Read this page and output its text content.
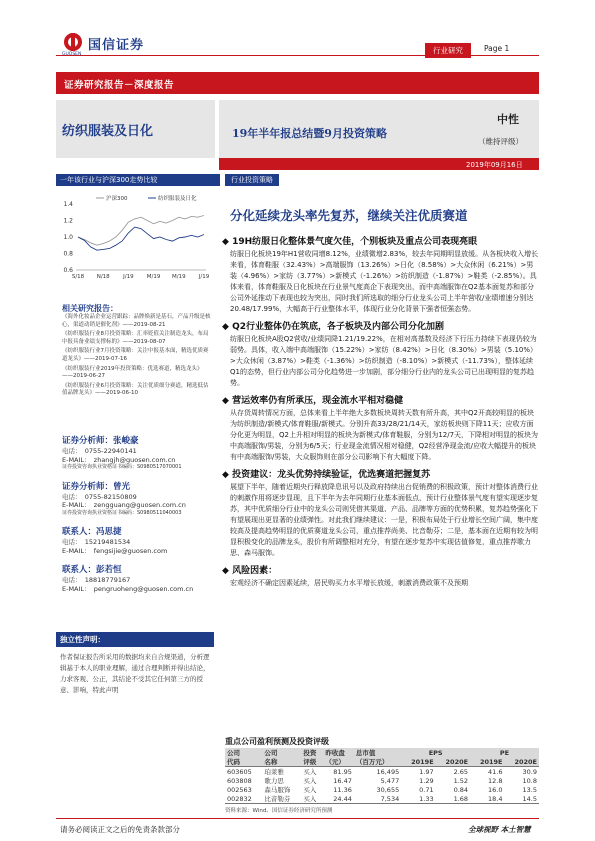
国信证券	行业研究	Page 1
证券研究报告－深度报告
纺织服装及日化	19年半年报总结暨9月投资策略
中性
（维持评级）
2019年09月16日
一年该行业与沪深300走势比较
1.4
1.2
1.0
0.8
0.6
S/18 N/18 J/19 M/19 M/19 J/19
沪深300	纺织服装及日化
相关研究报告：
《海外化妆品企业运营跟踪：品牌焕新是基石，产品升级是核心，渠道动销是催化剂》——2019-08-21
《纺织服装行业8月投资策略：汇率贬值关注制造龙头，布局中报具备业绩支撑标的》——2019-08-07
《纺织服装行业7月投资策略：关注中报基本面，精选优质赛道龙头》——2019-07-16
《纺织服装行业2019年投资策略：优选赛道，精选龙头》——2019-06-27
《纺织服装行业6月投资策略：关注优质细分赛道，精选低估值品牌龙头》——2019-06-10
证券分析师：张峻豪
电话：　0755-22940141
E-MAIL：　zhangjh@guosen.com.cn
证券投资咨询执业资格证书编码：S0980517070001
证券分析师：曾光
电话：　0755-82150809
E-MAIL：　zengguang@guosen.com.cn
证券投资咨询执业资格证书编码：S0980511040003
联系人：冯思捷
电话：　15219481534
E-MAIL：　fengsijie@guosen.com
联系人：彭若恒
电话：　18818779167
E-MAIL：　pengruoheng@guosen.com.cn
独立性声明：
作者保证报告所采用的数据均来自合规渠道，分析逻辑基于本人的职业理解，通过合理判断并得出结论，力求客观、公正，其结论不受其它任何第三方的授意、影响，特此声明
行业投资策略
分化延续龙头率先复苏，继续关注优质赛道
◆ 19H纺服日化整体景气度欠佳，个别板块及重点公司表现亮眼
纺服日化板块19年H1营收同增8.12%，业绩微增2.83%，较去年同期明显放缓。从各板块收入增长来看，体育鞋服（32.43%）>高端服饰（13.26%）>日化（8.58%）>大众休闲（6.21%）>男装（4.96%）>家纺（3.77%）>新模式（-1.26%）>纺织制造（-1.87%）>鞋类（-2.85%）。具体来看，体育鞋服及日化板块在行业景气度高企下表现突出，而中高端服饰在Q2基本面复苏和部分公司外延推动下表现也较为突出，同时我们所选取的细分行业龙头公司上半年营收/业绩增速分别达20.48/17.99%，大幅高于行业整体水平，体现行业分化背景下强者恒强态势。
◆ Q2行业整体仍在筑底，各子板块及内部公司分化加剧
纺服日化板块A股Q2营收/业绩同降1.21/19.22%，在相对高基数及经济下行压力持续下表现仍较为弱势。具体，收入端中高端服饰（15.22%）>家纺（8.42%）>日化（8.30%）>男装（5.10%）>大众休闲（3.87%）>鞋类（-1.36%）>纺织制造（-8.10%）>新模式（-11.73%），整体延续Q1的态势，但行业内部公司分化趋势进一步加剧，部分细分行业内的龙头公司已出现明显的复苏趋势。
◆ 营运效率仍有所承压，现金流水平相对稳健
从存货周转情况方面，总体来看上半年绝大多数板块周转天数有所升高，其中Q2开高较明显的板块为纺织制造/新模式/体育鞋服/新模式。分别升高33/28/21/14天，家纺板块则下降11天；应收方面分化更为明显，Q2上升相对明显的板块为新模式/体育鞋服，分别为12/7天，下降相对明显的板块为中高端服饰/男装，分别为6/5天；行业现金流情况相对稳健，Q2经营净现金流/应收大幅提升的板块有中高端服饰/男装，大众服饰则在部分公司影响下有大幅度下降。
◆ 投资建议：龙头优势持续验证，优选赛道把握复苏
展望下半年，随着近期央行释放降息讯号以及政府持续出台促销费的积极政策，预计对整体消费行业的刺激作用将逐步显现，且下半年为去年同期行业基本面低点，预计行业整体景气度有望实现逐步复苏，其中优质细分行业中的龙头公司则凭借其渠道、产品、品牌等方面的优势积累，复苏趋势强化下有望展现出更显著的业绩弹性。对此我们继续建议：一是，积极布局处于行业增长空间广阔，集中度较高及提高趋势明显的优质赛道龙头公司，重点推荐尚美、比音勒芬；二是，基本面在近期有较为明显积极变化的品牌龙头，股价有所调整相对充分，有望在逐步复苏中实现估值修复，重点推荐歌力思、森马服饰。
◆ 风险因素：
宏观经济不确定因素延续，居民购买力水平增长放缓，刺激消费政策不及预期
重点公司盈利预测及投资评级
公司	公司	投资	昨收盘	总市值	EPS		PE	
代码	名称	评级	（元）	（百万元）	2019E	2020E	2019E	2020E
603605	珀莱雅	买入	81.95	16,495	1.97	2.65	41.6	30.9
603808	歌力思	买入	16.47	5,477	1.29	1.52	12.8	10.8
002563	森马服饰	买入	11.36	30,655	0.71	0.84	16.0	13.5
002832	比音勒芬	买入	24.44	7,534	1.33	1.68	18.4	14.5
资料来源：Wind、国信证券经济研究所预测
请务必阅读正文之后的免责条款部分	全球视野 本土智慧
